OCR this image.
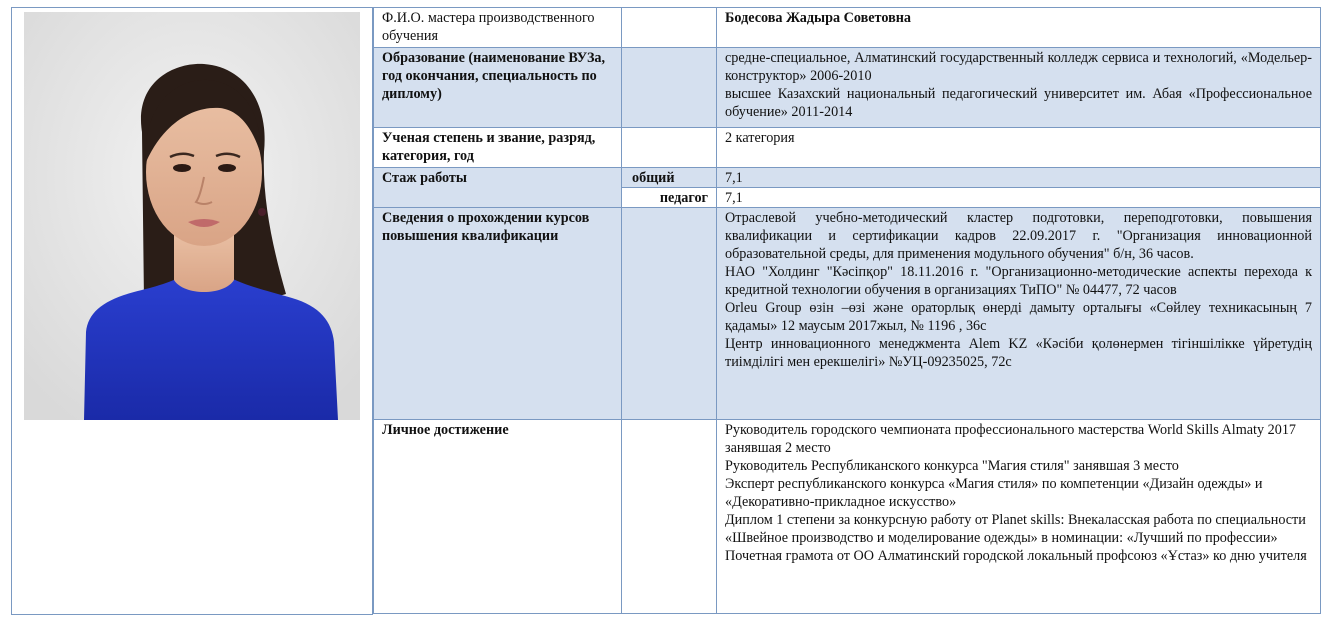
Ф.И.О. мастера производственного обучения		Бодесова Жадыра Советовна
Образование (наименование ВУЗа, год окончания, специальность по диплому)		средне-специальное, Алматинский государственный колледж сервиса и технологий, «Модельер-конструктор» 2006-2010
высшее Казахский национальный педагогический университет им. Абая «Профессиональное обучение» 2011-2014

Ученая степень и звание, разряд, категория, год		2 категория
Стаж работы	общий	7,1
	педагог	7,1
Сведения о прохождении курсов повышения квалификации		Отраслевой учебно-методический кластер подготовки, переподготовки, повышения квалификации и сертификации кадров 22.09.2017 г. "Организация инновационной образовательной среды, для применения модульного обучения" б/н, 36 часов.
НАО "Холдинг "Кәсіпқор" 18.11.2016 г. "Организационно-методические аспекты перехода к кредитной технологии обучения в организациях ТиПО" № 04477, 72 часов
Orleu Group өзін –өзі және ораторлық өнерді дамыту орталығы «Сөйлеу техникасының 7 қадамы» 12 маусым 2017жыл, № 1196 , 36с
Центр инновационного менеджмента Alem KZ «Кәсіби қолөнермен тігіншілікке үйретудің тиімділігі мен ерекшелігі» №УЦ-09235025, 72с

Личное достижение		Руководитель городского чемпионата профессионального мастерства World Skills Almaty 2017 занявшая 2 место
Руководитель Республиканского конкурса "Магия стиля" занявшая 3 место
Эксперт республиканского конкурса «Магия стиля» по компетенции «Дизайн одежды» и «Декоративно-прикладное искусство»
Диплом 1 степени за конкурсную работу от Planet skills: Внекаласская работа по специальности «Швейное производство и моделирование одежды» в номинации: «Лучший по профессии»
Почетная грамота от ОО Алматинский городской локальный профсоюз «Ұстаз» ко дню учителя
